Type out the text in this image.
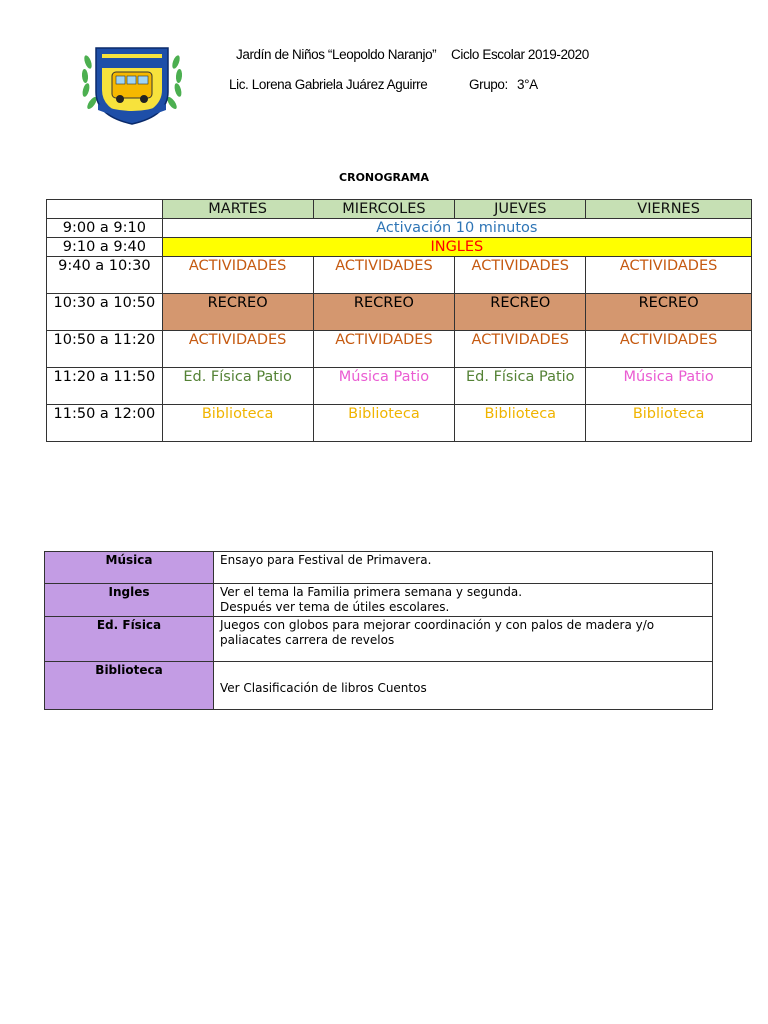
Jardín de Niños “Leopoldo Naranjo” Ciclo Escolar 2019-2020
Lic. Lorena Gabriela Juárez Aguirre	Grupo: 3°A
CRONOGRAMA
	MARTES	MIERCOLES	JUEVES	VIERNES
9:00 a 9:10	Activación 10 minutos			
9:10 a 9:40	INGLES			
9:40 a 10:30	ACTIVIDADES	ACTIVIDADES	ACTIVIDADES	ACTIVIDADES
10:30 a 10:50	RECREO	RECREO	RECREO	RECREO
10:50 a 11:20	ACTIVIDADES	ACTIVIDADES	ACTIVIDADES	ACTIVIDADES
11:20 a 11:50	Ed. Física Patio	Música Patio	Ed. Física Patio	Música Patio
11:50 a 12:00	Biblioteca	Biblioteca	Biblioteca	Biblioteca
Música	Ensayo para Festival de Primavera.
Ingles	Ver el tema la Familia primera semana y segunda.
Después ver tema de útiles escolares.

Ed. Física	Juegos con globos para mejorar coordinación y con palos de madera y/o paliacates carrera de revelos
Biblioteca	Ver Clasificación de libros Cuentos
